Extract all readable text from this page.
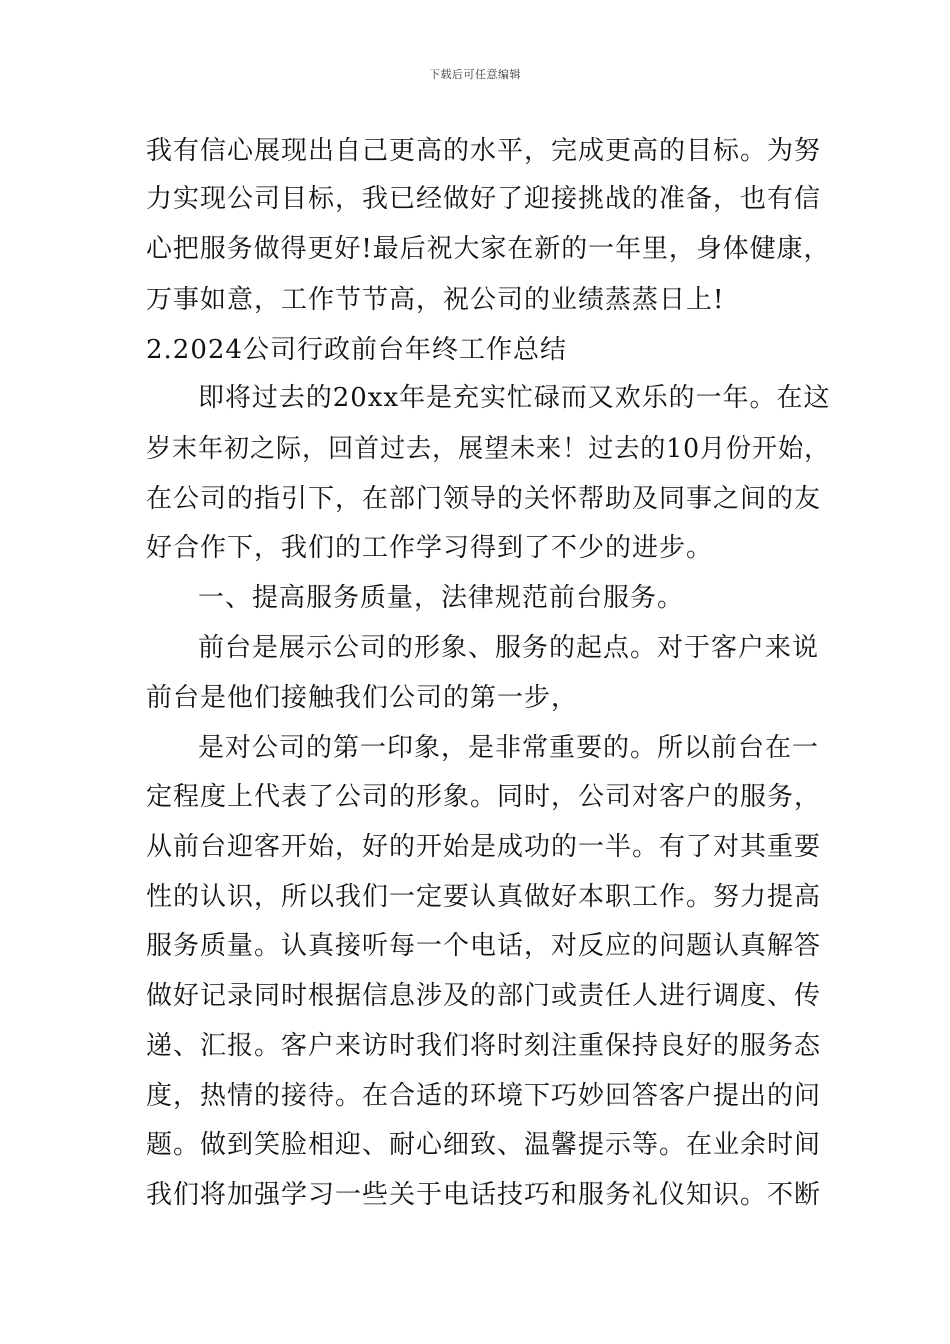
下载后可任意编辑
我有信心展现出自己更高的水平，完成更高的目标。为努
力实现公司目标，我已经做好了迎接挑战的准备，也有信
心把服务做得更好!最后祝大家在新的一年里，身体健康，
万事如意，工作节节高，祝公司的业绩蒸蒸日上!
2.2024公司行政前台年终工作总结
即将过去的20xx年是充实忙碌而又欢乐的一年。在这
岁末年初之际，回首过去，展望未来！过去的10月份开始，
在公司的指引下，在部门领导的关怀帮助及同事之间的友
好合作下，我们的工作学习得到了不少的进步。
一、提高服务质量，法律规范前台服务。
前台是展示公司的形象、服务的起点。对于客户来说
前台是他们接触我们公司的第一步，
是对公司的第一印象，是非常重要的。所以前台在一
定程度上代表了公司的形象。同时，公司对客户的服务，
从前台迎客开始，好的开始是成功的一半。有了对其重要
性的认识，所以我们一定要认真做好本职工作。努力提高
服务质量。认真接听每一个电话，对反应的问题认真解答
做好记录同时根据信息涉及的部门或责任人进行调度、传
递、汇报。客户来访时我们将时刻注重保持良好的服务态
度，热情的接待。在合适的环境下巧妙回答客户提出的问
题。做到笑脸相迎、耐心细致、温馨提示等。在业余时间
我们将加强学习一些关于电话技巧和服务礼仪知识。不断
